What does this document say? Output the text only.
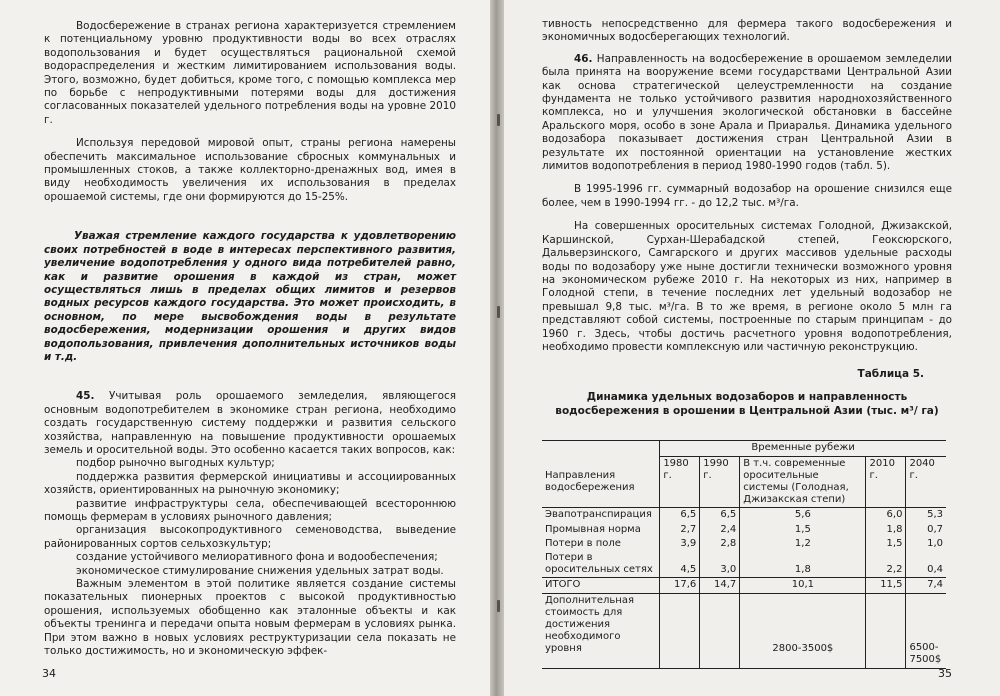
Водосбережение в странах региона характеризуется стремлением к потенциальному уровню продуктивности воды во всех отраслях водопользования и будет осуществляться рациональной схемой водораспределения и жестким лимитированием использования воды. Этого, возможно, будет добиться, кроме того, с помощью комплекса мер по борьбе с непродуктивными потерями воды для достижения согласованных показателей удельного потребления воды на уровне 2010 г.

Используя передовой мировой опыт, страны региона намерены обеспечить максимальное использование сбросных коммунальных и промышленных стоков, а также коллекторно-дренажных вод, имея в виду необходимость увеличения их использования в пределах орошаемой системы, где они формируются до 15-25%.

Уважая стремление каждого государства к удовлетворению своих потребностей в воде в интересах перспективного развития, увеличение водопотребления у одного вида потребителей равно, как и развитие орошения в каждой из стран, может осуществляться лишь в пределах общих лимитов и резервов водных ресурсов каждого государства. Это может происходить, в основном, по мере высвобождения воды в результате водосбережения, модернизации орошения и других видов водопользования, привлечения дополнительных источников воды и т.д.

45. Учитывая роль орошаемого земледелия, являющегося основным водопотребителем в экономике стран региона, необходимо создать государственную систему поддержки и развития сельского хозяйства, направленную на повышение продуктивности орошаемых земель и оросительной воды. Это особенно касается таких вопросов, как:

подбор рыночно выгодных культур;

поддержка развития фермерской инициативы и ассоциированных хозяйств, ориентированных на рыночную экономику;

развитие инфраструктуры села, обеспечивающей всестороннюю помощь фермерам в условиях рыночного давления;

организация высокопродуктивного семеноводства, выведение районированных сортов сельхозкультур;

создание устойчивого мелиоративного фона и водообеспечения;

экономическое стимулирование снижения удельных затрат воды.

Важным элементом в этой политике является создание системы показательных пионерных проектов с высокой продуктивностью орошения, используемых обобщенно как эталонные объекты и как объекты тренинга и передачи опыта новым фермерам в условиях рынка. При этом важно в новых условиях реструктуризации села показать не только достижимость, но и экономическую эффек-

34

тивность непосредственно для фермера такого водосбережения и экономичных водосберегающих технологий.

46. Направленность на водосбережение в орошаемом земледелии была принята на вооружение всеми государствами Центральной Азии как основа стратегической целеустремленности на создание фундамента не только устойчивого развития народнохозяйственного комплекса, но и улучшения экологической обстановки в бассейне Аральского моря, особо в зоне Арала и Приаралья. Динамика удельного водозабора показывает достижения стран Центральной Азии в результате их постоянной ориентации на установление жестких лимитов водопотребления в период 1980-1990 годов (табл. 5).

В 1995-1996 гг. суммарный водозабор на орошение снизился еще более, чем в 1990-1994 гг. - до 12,2 тыс. м³/га.

На совершенных оросительных системах Голодной, Джизакской, Каршинской, Сурхан-Шерабадской степей, Геоксюрского, Дальверзинского, Самгарского и других массивов удельные расходы воды по водозабору уже ныне достигли технически возможного уровня на экономическом рубеже 2010 г. На некоторых из них, например в Голодной степи, в течение последних лет удельный водозабор не превышал 9,8 тыс. м³/га. В то же время, в регионе около 5 млн га представляют собой системы, построенные по старым принципам - до 1960 г. Здесь, чтобы достичь расчетного уровня водопотребления, необходимо провести комплексную или частичную реконструкцию.

Таблица 5.
Динамика удельных водозаборов и направленность водосбережения в орошении в Центральной Азии (тыс. м³/ га)
	Временные рубежи				
Направления водосбережения	1980 г.	1990 г.	В т.ч. современные оросительные системы (Голодная, Джизакская степи)	2010 г.	2040 г.
Эвапотранспирация	6,5	6,5	5,6	6,0	5,3
Промывная норма	2,7	2,4	1,5	1,8	0,7
Потери в поле	3,9	2,8	1,2	1,5	1,0
Потери в оросительных сетях	4,5	3,0	1,8	2,2	0,4
ИТОГО	17,6	14,7	10,1	11,5	7,4
Дополнительная стоимость для достижения необходимого уровня			2800-3500$		6500-7500$
35
